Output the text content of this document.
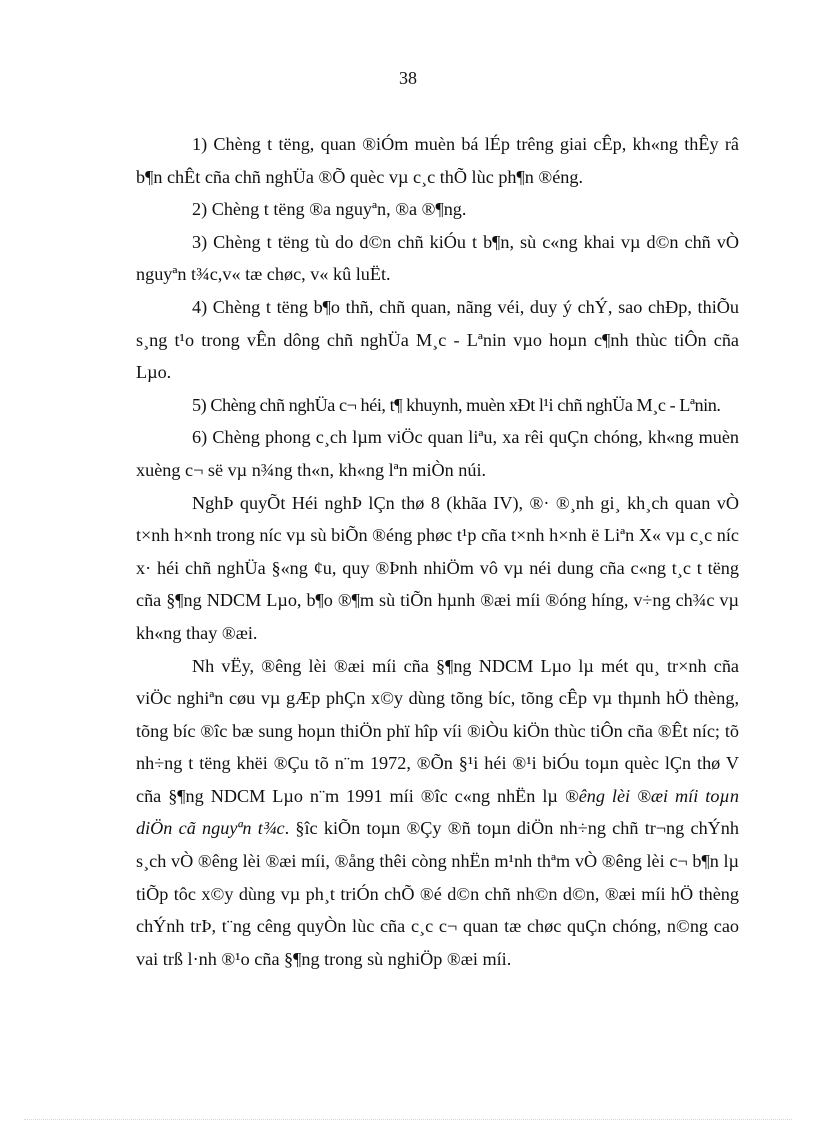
38

1) Chèng t tëng, quan ®iÓm muèn bá lÉp trêng giai cÊp, kh«ng thÊy râ b¶n chÊt cña chñ nghÜa ®Õ quèc vµ c¸c thÕ lùc ph¶n ®éng.

2) Chèng t tëng ®a nguyªn, ®a ®¶ng.

3) Chèng t tëng tù do d©n chñ kiÓu t b¶n, sù c«ng khai vµ d©n chñ vÒ nguyªn t¾c,v« tæ chøc, v« kû luËt.

4) Chèng t tëng b¶o thñ, chñ quan, nãng véi, duy ý chÝ, sao chÐp, thiÕu s¸ng t¹o trong vÊn dông chñ nghÜa M¸c - Lªnin vµo hoµn c¶nh thùc tiÔn cña Lµo.

5) Chèng chñ nghÜa c¬ héi, t¶ khuynh, muèn xÐt l¹i chñ nghÜa M¸c - Lªnin.

6) Chèng phong c¸ch lµm viÖc quan liªu, xa rêi quÇn chóng, kh«ng muèn xuèng c¬ së vµ n¾ng th«n, kh«ng lªn miÒn núi.

NghÞ quyÕt Héi nghÞ lÇn thø 8 (khãa IV), ®· ®¸nh gi¸ kh¸ch quan vÒ t×nh h×nh trong níc vµ sù biÕn ®éng phøc t¹p cña t×nh h×nh ë Liªn X« vµ c¸c níc x· héi chñ nghÜa §«ng ¢u, quy ®Þnh nhiÖm vô vµ néi dung cña c«ng t¸c t tëng cña §¶ng NDCM Lµo, b¶o ®¶m sù tiÕn hµnh ®æi míi ®óng híng, v÷ng ch¾c vµ kh«ng thay ®æi.

Nh vËy, ®êng lèi ®æi míi cña §¶ng NDCM Lµo lµ mét qu¸ tr×nh cña viÖc nghiªn cøu vµ gÆp phÇn x©y dùng tõng bíc, tõng cÊp vµ thµnh hÖ thèng, tõng bíc ®îc bæ sung hoµn thiÖn phï hîp víi ®iÒu kiÖn thùc tiÔn cña ®Êt níc; tõ nh÷ng t tëng khëi ®Çu tõ n¨m 1972, ®Õn §¹i héi ®¹i biÓu toµn quèc lÇn thø V cña §¶ng NDCM Lµo n¨m 1991 míi ®îc c«ng nhËn lµ ®êng lèi ®æi míi toµn diÖn cã nguyªn t¾c. §îc kiÕn toµn ®Çy ®ñ toµn diÖn nh÷ng chñ tr¬ng chÝnh s¸ch vÒ ®êng lèi ®æi míi, ®ång thêi còng nhËn m¹nh thªm vÒ ®êng lèi c¬ b¶n lµ tiÕp tôc x©y dùng vµ ph¸t triÓn chÕ ®é d©n chñ nh©n d©n, ®æi míi hÖ thèng chÝnh trÞ, t¨ng cêng quyÒn lùc cña c¸c c¬ quan tæ chøc quÇn chóng, n©ng cao vai trß l·nh ®¹o cña §¶ng trong sù nghiÖp ®æi míi.
